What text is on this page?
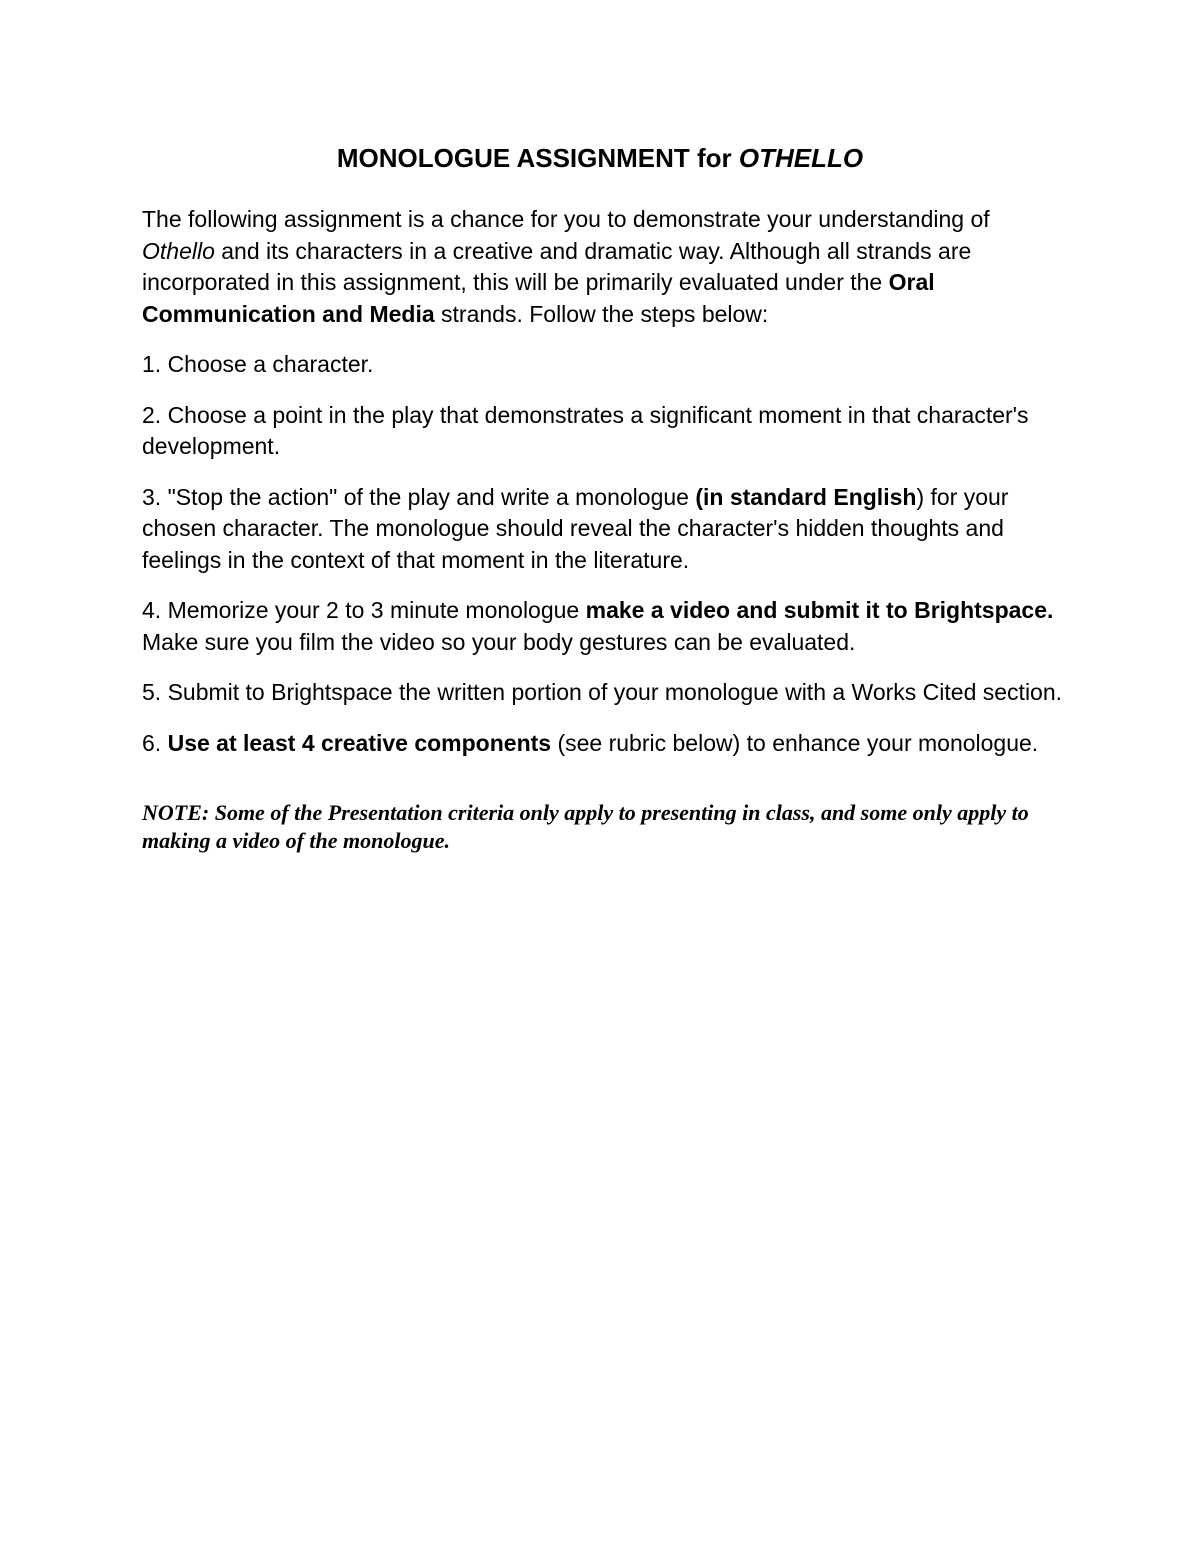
MONOLOGUE ASSIGNMENT for OTHELLO

The following assignment is a chance for you to demonstrate your understanding of Othello and its characters in a creative and dramatic way. Although all strands are incorporated in this assignment, this will be primarily evaluated under the Oral Communication and Media strands. Follow the steps below:

1. Choose a character.

2. Choose a point in the play that demonstrates a significant moment in that character's development.

3. "Stop the action" of the play and write a monologue (in standard English) for your chosen character. The monologue should reveal the character's hidden thoughts and feelings in the context of that moment in the literature.

4. Memorize your 2 to 3 minute monologue make a video and submit it to Brightspace. Make sure you film the video so your body gestures can be evaluated.

5. Submit to Brightspace the written portion of your monologue with a Works Cited section.

6. Use at least 4 creative components (see rubric below) to enhance your monologue.

NOTE: Some of the Presentation criteria only apply to presenting in class, and some only apply to making a video of the monologue.
